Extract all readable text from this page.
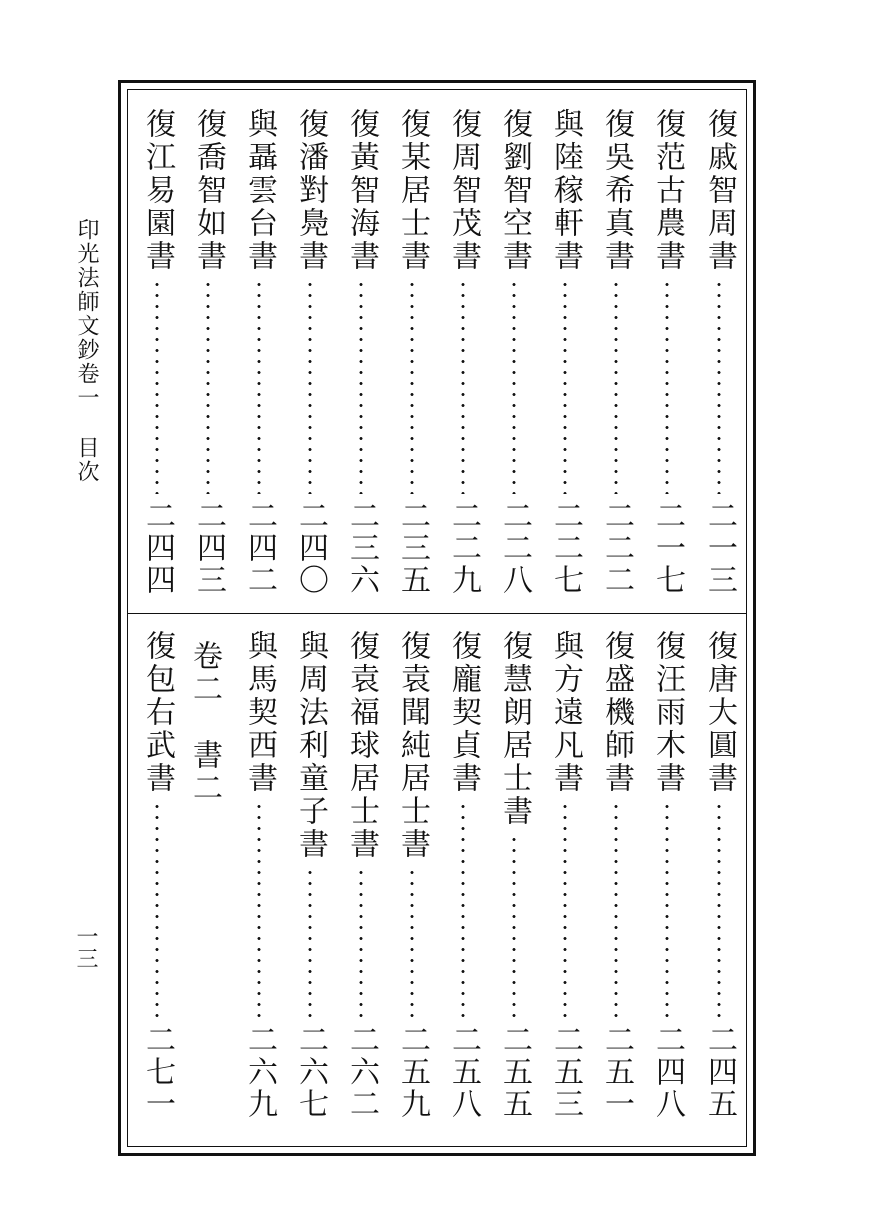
印光法師文鈔卷一目次
一三
復戚智周書
二一三
復范古農書
二一七
復吳希真書
二二二
與陸稼軒書
二二七
復劉智空書
二二八
復周智茂書
二二九
復某居士書
二三五
復黃智海書
二三六
復潘對鳧書
二四〇
與聶雲台書
二四二
復喬智如書
二四三
復江易園書
二四四
復唐大圓書
二四五
復汪雨木書
二四八
復盛機師書
二五一
與方遠凡書
二五三
復慧朗居士書
二五五
復龐契貞書
二五八
復袁聞純居士書
二五九
復袁福球居士書
二六二
與周法利童子書
二六七
與馬契西書
二六九
卷二　書二
復包右武書
二七一
